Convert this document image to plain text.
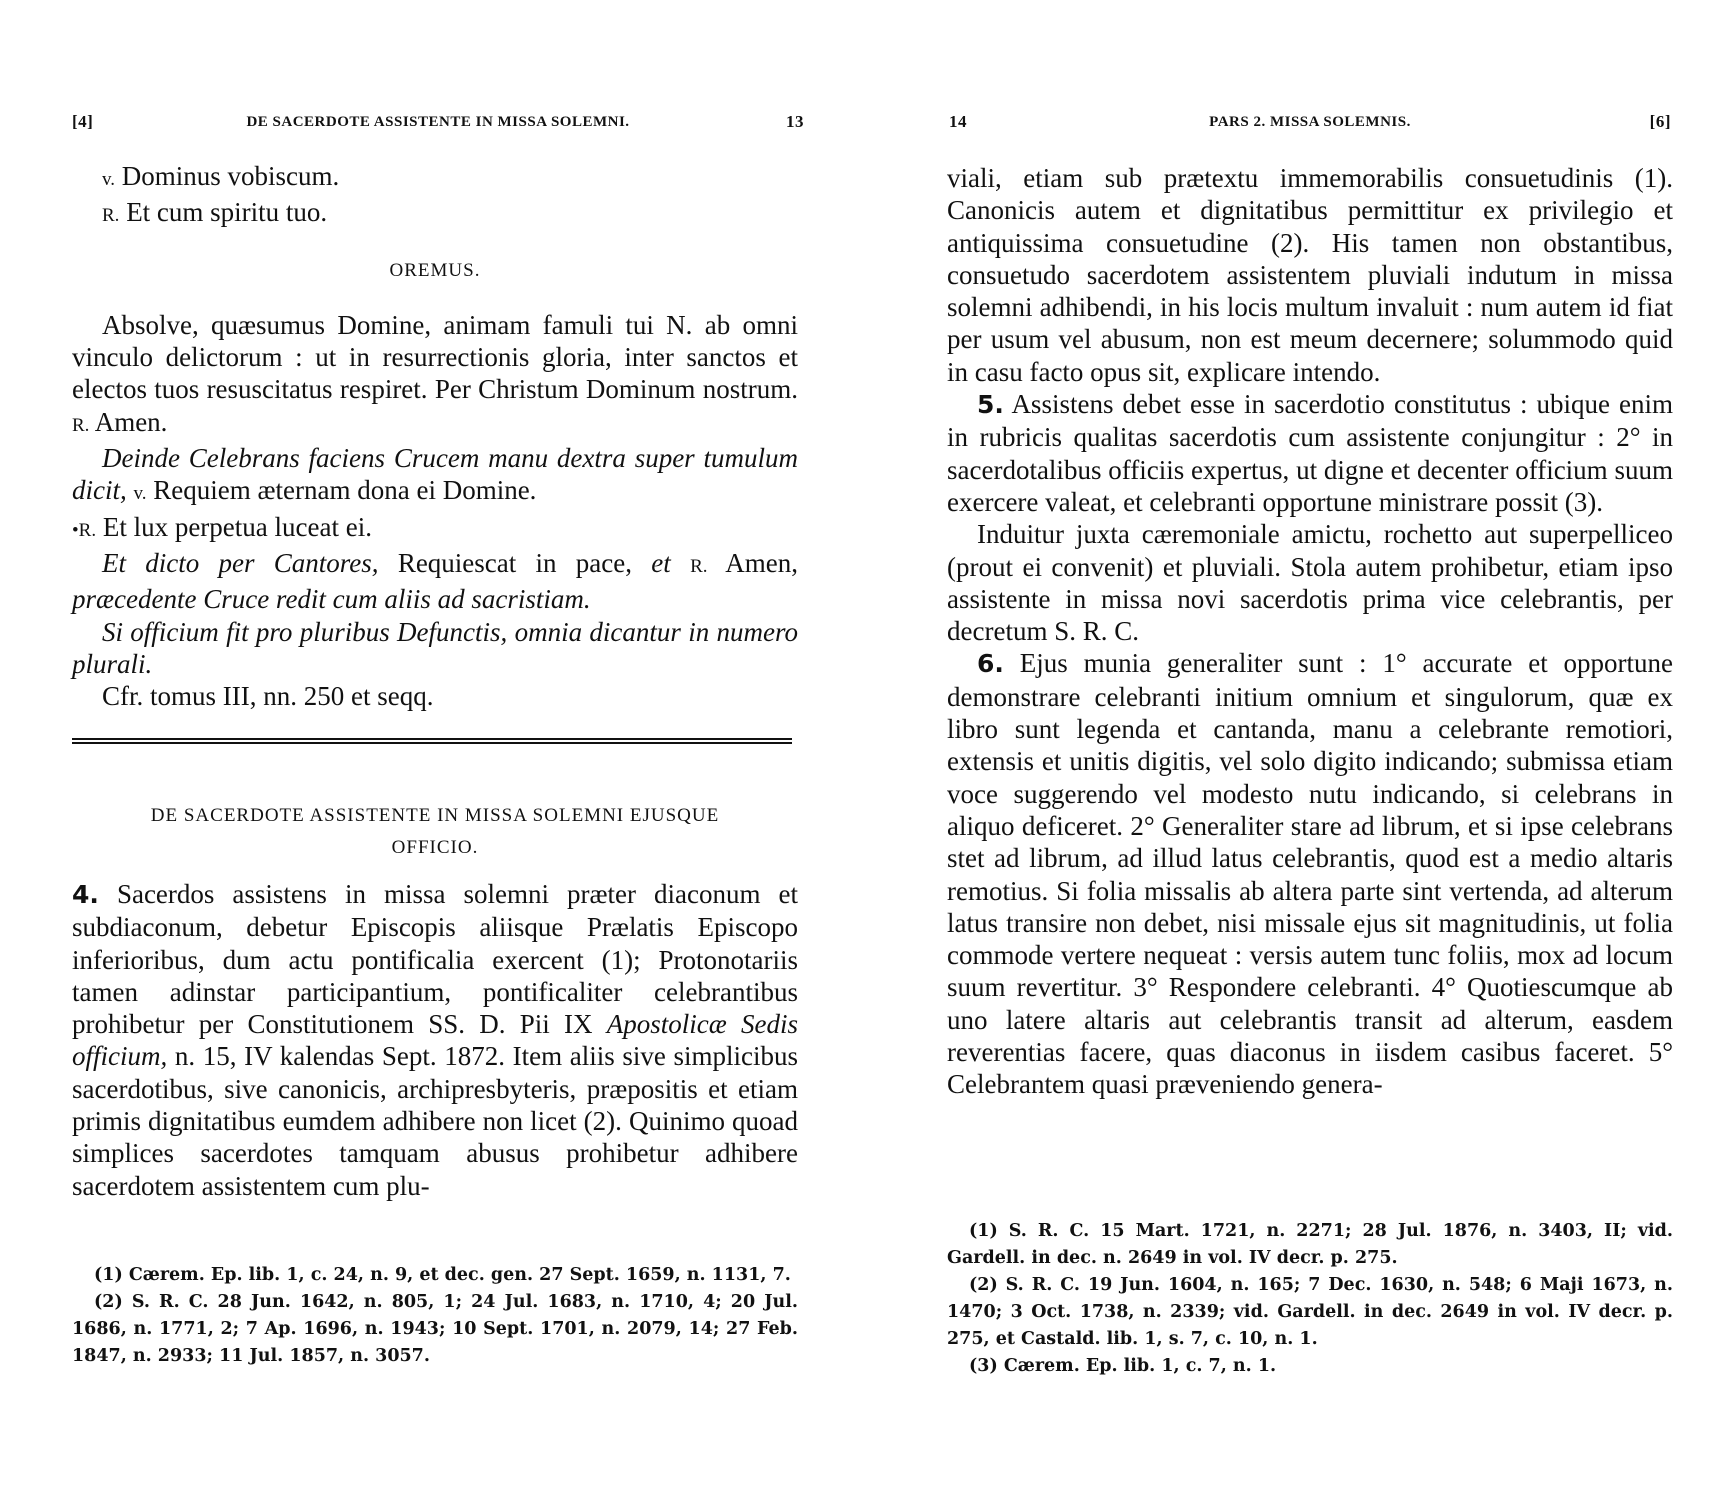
[4]	DE SACERDOTE ASSISTENTE IN MISSA SOLEMNI.	13

v. Dominus vobiscum.

R. Et cum spiritu tuo.

OREMUS.

Absolve, quæsumus Domine, animam famuli tui N. ab omni vinculo delictorum : ut in resurrectionis gloria, inter sanctos et electos tuos resuscitatus respiret. Per Christum Dominum nostrum. R. Amen.

Deinde Celebrans faciens Crucem manu dextra super tumulum dicit, v. Requiem æternam dona ei Domine.

•R. Et lux perpetua luceat ei.

Et dicto per Cantores, Requiescat in pace, et R. Amen, præcedente Cruce redit cum aliis ad sacristiam.

Si officium fit pro pluribus Defunctis, omnia dicantur in numero plurali.

Cfr. tomus III, nn. 250 et seqq.

DE SACERDOTE ASSISTENTE IN MISSA SOLEMNI EJUSQUE OFFICIO.

4. Sacerdos assistens in missa solemni præter diaconum et subdiaconum, debetur Episcopis aliisque Prælatis Episcopo inferioribus, dum actu pontificalia exercent (1); Protonotariis tamen adinstar participantium, pontificaliter celebrantibus prohibetur per Constitutionem SS. D. Pii IX Apostolicæ Sedis officium, n. 15, IV kalendas Sept. 1872. Item aliis sive simplicibus sacerdotibus, sive canonicis, archipresbyteris, præpositis et etiam primis dignitatibus eumdem adhibere non licet (2). Quinimo quoad simplices sacerdotes tamquam abusus prohibetur adhibere sacerdotem assistentem cum plu-

(1) Cærem. Ep. lib. 1, c. 24, n. 9, et dec. gen. 27 Sept. 1659, n. 1131, 7.

(2) S. R. C. 28 Jun. 1642, n. 805, 1; 24 Jul. 1683, n. 1710, 4; 20 Jul. 1686, n. 1771, 2; 7 Ap. 1696, n. 1943; 10 Sept. 1701, n. 2079, 14; 27 Feb. 1847, n. 2933; 11 Jul. 1857, n. 3057.

14	PARS 2. MISSA SOLEMNIS.	[6]

viali, etiam sub prætextu immemorabilis consuetudinis (1). Canonicis autem et dignitatibus permittitur ex privilegio et antiquissima consuetudine (2). His tamen non obstantibus, consuetudo sacerdotem assistentem pluviali indutum in missa solemni adhibendi, in his locis multum invaluit : num autem id fiat per usum vel abusum, non est meum decernere; solummodo quid in casu facto opus sit, explicare intendo.

5. Assistens debet esse in sacerdotio constitutus : ubique enim in rubricis qualitas sacerdotis cum assistente conjungitur : 2° in sacerdotalibus officiis expertus, ut digne et decenter officium suum exercere valeat, et celebranti opportune ministrare possit (3).

Induitur juxta cæremoniale amictu, rochetto aut superpelliceo (prout ei convenit) et pluviali. Stola autem prohibetur, etiam ipso assistente in missa novi sacerdotis prima vice celebrantis, per decretum S. R. C.

6. Ejus munia generaliter sunt : 1° accurate et opportune demonstrare celebranti initium omnium et singulorum, quæ ex libro sunt legenda et cantanda, manu a celebrante remotiori, extensis et unitis digitis, vel solo digito indicando; submissa etiam voce suggerendo vel modesto nutu indicando, si celebrans in aliquo deficeret. 2° Generaliter stare ad librum, et si ipse celebrans stet ad librum, ad illud latus celebrantis, quod est a medio altaris remotius. Si folia missalis ab altera parte sint vertenda, ad alterum latus transire non debet, nisi missale ejus sit magnitudinis, ut folia commode vertere nequeat : versis autem tunc foliis, mox ad locum suum revertitur. 3° Respondere celebranti. 4° Quotiescumque ab uno latere altaris aut celebrantis transit ad alterum, easdem reverentias facere, quas diaconus in iisdem casibus faceret. 5° Celebrantem quasi præveniendo genera-

(1) S. R. C. 15 Mart. 1721, n. 2271; 28 Jul. 1876, n. 3403, II; vid. Gardell. in dec. n. 2649 in vol. IV decr. p. 275.

(2) S. R. C. 19 Jun. 1604, n. 165; 7 Dec. 1630, n. 548; 6 Maji 1673, n. 1470; 3 Oct. 1738, n. 2339; vid. Gardell. in dec. 2649 in vol. IV decr. p. 275, et Castald. lib. 1, s. 7, c. 10, n. 1.

(3) Cærem. Ep. lib. 1, c. 7, n. 1.
